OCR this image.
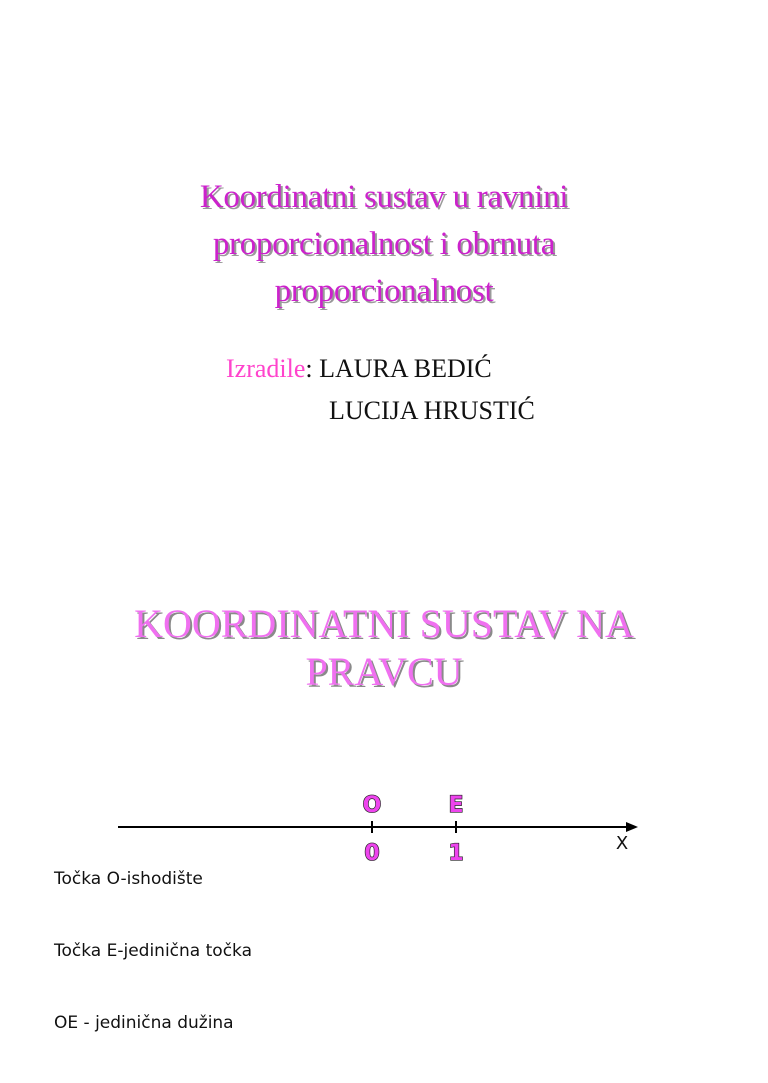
Koordinatni sustav u ravnini
proporcionalnost i obrnuta
proporcionalnost
Izradile: LAURA BEDIĆ
LUCIJA HRUSTIĆ
KOORDINATNI SUSTAV NA
PRAVCU
O	E
0	1	X
Točka O-ishodište
Točka E-jedinična točka
OE - jedinična dužina
